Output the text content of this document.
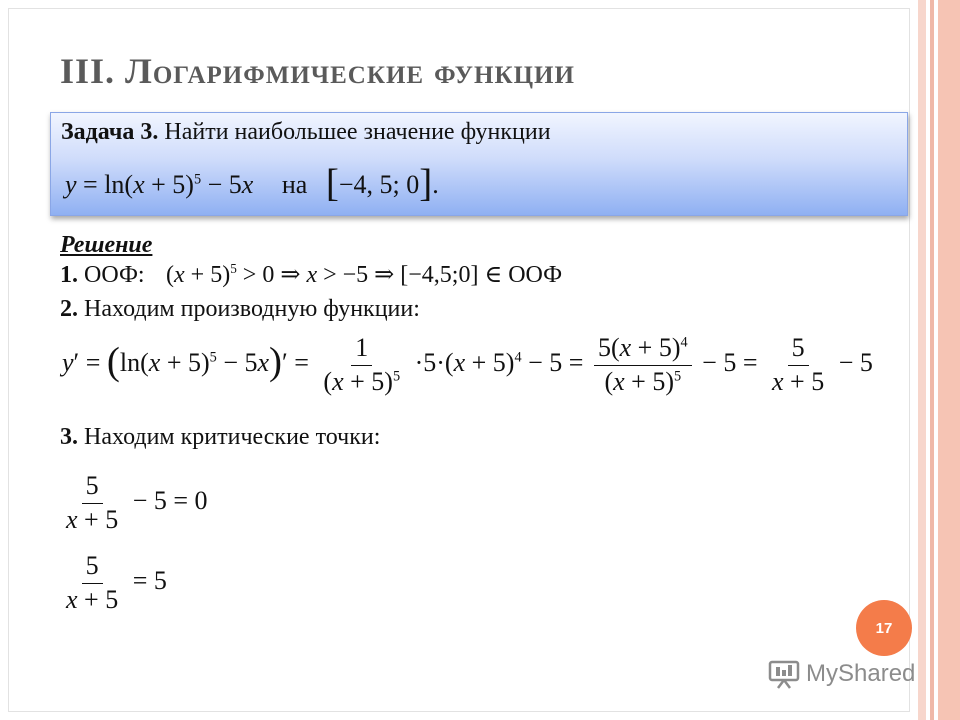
III. Логарифмические функции
Задача 3. Найти наибольшее значение функции
$y = \ln(x + 5)^5 - 5x$ на [−4, 5; 0].
Решение
1. ООФ: $(x + 5)^5 > 0$ ⇒ x > −5 ⇒ [−4,5;0] ∈ ООФ
2. Находим производную функции:
$y' = (\ln(x + 5)^5 - 5x)' = \frac{1}{(x + 5)^5} \cdot 5\cdot(x + 5)^4 - 5 = \frac{5(x + 5)^4}{(x + 5)^5} - 5 = \frac{5}{x + 5} - 5$
3. Находим критические точки:
$\frac{5}{x + 5} - 5 = 0$
$\frac{5}{x + 5} = 5$
17
MyShared
